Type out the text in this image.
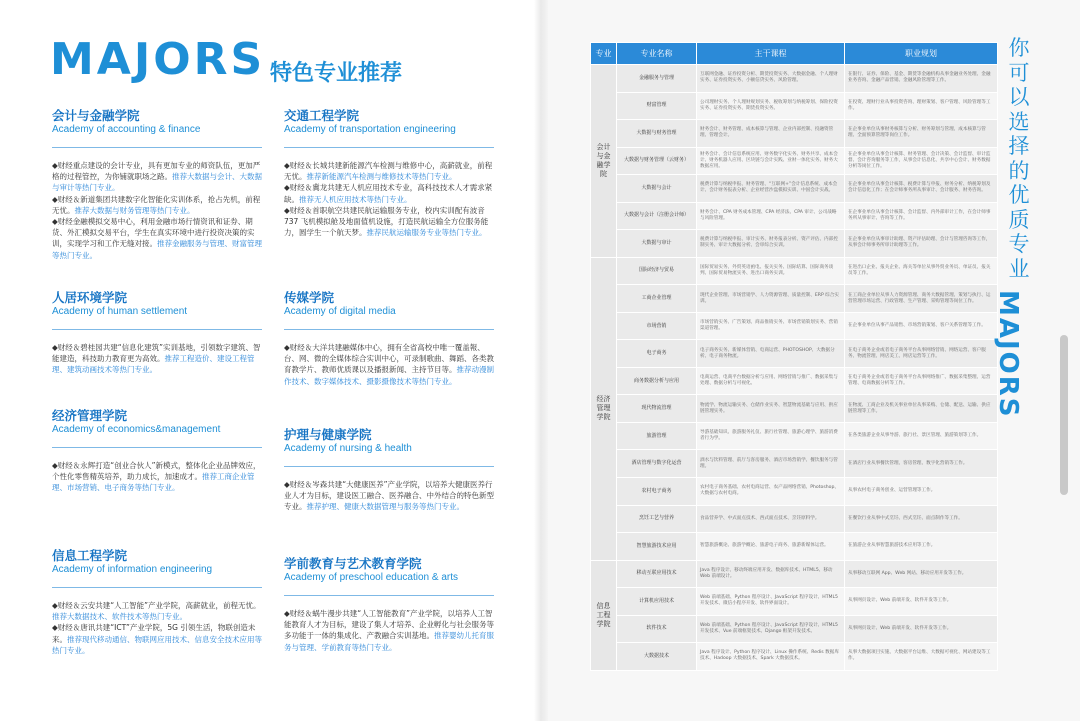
MAJORS 特色专业推荐
专业	专业名称	主干课程	职业规划
会计与金融学院	金融服务与管理	互联网金融、证券投资分析、期货投资实务、大数据金融、个人理财实务、证券投资实务、小额信贷实务、风险管理。	在银行、证券、保险、基金、期货等金融机构从事金融业务处理、金融业务咨询、金融产品营销、金融风险管理等工作。
	财富管理	公司理财实务、个人理财规划实务、税收筹划与纳税筹划、保险投资实务、证券投资实务、期货投资实务。	在投资、理财行业从事投资咨询、理财策划、客户管理、风险管理等工作。
	大数据与财务管理	财务会计、财务管理、成本核算与管理、企业内部控制、投融资管理、管理会计。	在企事业单位从事财务核算与分析、财务筹划与管理、成本核算与管理、全面预算管理等岗位工作。
	大数据与财务管理（云财务）	财务会计、会计信息系统应用、财务数字化实务、财务共享、成本会计、财务机器人应用、区块链与会计实践、业财一体化实务、财务大数据应用。	在企事业单位从事会计核算、财务管理、会计决策、会计监督、审计监督、会计咨询服务等工作，从事会计信息化、共享中心会计、财务数据分析等岗位工作。
	大数据与会计	税费计算与纳税申报、财务管理、“互联网+”会计信息系统、成本会计、会计财务报表分析、企业经营沙盘模拟实训、中国会计实战。	在企事业单位从事会计核算、税费计算与申报、财务分析、纳税筹划及会计信息化工作；在会计师事务所从事审计、会计服务、财务咨询。
	大数据与会计（注册会计师）	财务会计、CPA 财务成本管理、CPA 经济法、CPA 审计、公司战略与风险管理。	在企事业单位从事会计核算、会计监督、内外部审计工作，在会计师事务所从事审计、咨询等工作。
	大数据与审计	税费计算与纳税申报、审计实务、财务报表分析、资产评估、内部控制实务、审计大数据分析、会审综合实训。	在企事业单位从事审计助理、资产评估助理、会计与管理咨询等工作，从事会计师事务所审计助理等工作。
经济管理学院	国际经济与贸易	国际贸易实务、外贸英语函电、报关实务、国际结算、国际商务谈判、国际贸易物流实务、进出口商务实训。	在进出口企业、报关企业、海关等单位从事外贸业务员、单证员、报关员等工作。
	工商企业管理	现代企业管理、市场营销学、人力资源管理、质量控制、ERP 综合实训。	在工商企业单位从事人力资源管理、商务大数据管理、策划与执行、运营管理市场运营、行政管理、生产管理、采购管理等岗位工作。
	市场营销	市场营销实务、广告策划、商品推销实务、市场营销策划实务、营销渠道管理。	在企事业单位从事产品销售、市场营销策划、客户关系管理等工作。
	电子商务	电子商务实务、新媒体营销、电商运营、PHOTOSHOP、大数据分析、电子商务物流。	在电子商务企业或者电子商务平台从事网络营销、网络运营、客户服务、物流管理、网店美工、网店运营等工作。
	商务数据分析与应用	电商运营、电商平台数据分析与应用、网络营销与推广、数据采集与处理、数据分析与可视化。	在电子商务企业或者电子商务平台从事网络推广、数据采集整理、运营管理、电商数据分析等工作。
	现代物流管理	物流学、物流运输实务、仓储作业实务、智慧物流基础与应用、供应链管理实务。	在物流、工商企业及机关事业单位从事采购、仓储、配送、运输、供应链管理等工作。
	旅游管理	导游基础知识、旅游服务礼仪、旅行社管理、旅游心理学、旅游消费者行为学。	在各类旅游企业从事导游、旅行社、景区管理、旅游策划等工作。
	酒店管理与数字化运营	酒水与饮料管理、前厅与客房服务、酒店市场营销学、餐饮服务与管理。	在酒店行业从事餐饮管理、客房管理、数字化营销等工作。
	农村电子商务	农村电子商务基础、农村电商运营、农产品网络营销、Photoshop、大数据与农村电商。	从事农村电子商务创业、运营管理等工作。
	烹饪工艺与营养	食品营养学、中式面点技术、西式面点技术、烹饪原料学。	在餐饮行业从事中式烹饪、西式烹饪、面点制作等工作。
	智慧旅游技术应用	智慧旅游概论、旅游学概论、旅游电子商务、旅游新媒体运营。	在旅游企业从事智慧旅游技术应用等工作。
信息工程学院	移动互联应用技术	Java 程序设计、移动终端应用开发、数据库技术、HTML5、移动 Web 前端设计。	从事移动互联网 App、Web 网站、移动应用开发等工作。
	计算机应用技术	Web 前端基础、Python 程序设计、JavaScript 程序设计、HTML5 开发技术、微信小程序开发、软件界面设计。	从事网页设计、Web 前端开发、软件开发等工作。
	软件技术	Web 前端基础、Python 程序设计、JavaScript 程序设计、HTML5 开发技术、Vue 前端框架技术、Django 框架开发技术。	从事网页设计、Web 前端开发、软件开发等工作。
	大数据技术	Java 程序设计、Python 程序设计、Linux 操作系统、Redis 数据库技术、Hadoop 大数据技术、Spark 大数据技术。	从事大数据项目实施、大数据平台运维、大数据可视化、网站建设等工作。
你可以选择的优质专业
MAJORS
会计与金融学院
Academy of accounting & finance

◆财经重点建设的会计专业，具有更加专业的师资队伍，更加严格的过程管控，为你铺就职场之路。推荐大数据与会计、大数据与审计等热门专业。

◆财经＆新道集团共建数字化智能化实训体系，抢占先机，前程无忧。推荐大数据与财务管理等热门专业。

◆财经金融模拟交易中心，利用金融市场行情资讯和证券、期货、外汇模拟交易平台，学生在真实环境中进行投资决策的实训，实现学习和工作无缝对接。推荐金融服务与管理、财富管理等热门专业。

交通工程学院
Academy of transportation engineering

◆财经＆长城共建新能源汽车检测与维修中心，高薪就业，前程无忧。推荐新能源汽车检测与维修技术等热门专业。

◆财经＆冀龙共建无人机应用技术专业，高科技技术人才需求紧缺。推荐无人机应用技术等热门专业。

◆财经＆首职航空共建民航运输服务专业，校内实训配有波音 737 飞机模拟舱及地面值机设施，打造民航运输全方位服务能力，圆学生一个航天梦。推荐民航运输服务专业等热门专业。

人居环境学院
Academy of human settlement

◆财经＆碧桂园共建“信息化建筑”实训基地，引领数字建筑、智能建造，科技助力教育更为高效。推荐工程造价、建设工程管理、建筑动画技术等热门专业。

传媒学院
Academy of digital media

◆财经＆大洋共建融媒体中心，拥有全省高校中唯一覆盖報、台、网、微的全媒体综合实训中心，可录制歌曲、舞蹈、各类教育教学片、教师优质课以及播报新闻、主持节目等。推荐动漫制作技术、数字媒体技术、摄影摄像技术等热门专业。

经济管理学院
Academy of economics&management

◆财经＆永辉打造“创业合伙人”新模式，整体化企业品牌效应，个性化零售精英培养，助力成长，加速成才。推荐工商企业管理、市场营销、电子商务等热门专业。

护理与健康学院
Academy of nursing & health

◆财经＆岑森共建“大健康医养”产业学院，以培养大健康医养行业人才为目标，建设医工融合、医养融合、中外结合的特色新型专业。推荐护理、健康大数据管理与服务等热门专业。

信息工程学院
Academy of information engineering

◆财经＆云安共建“人工智能”产业学院，高薪就业，前程无忧。推荐大数据技术、软件技术等热门专业。

◆财经＆唐讯共建“ICT”产业学院，5G 引领生活，物联创造未来。推荐现代移动通信、物联网应用技术、信息安全技术应用等热门专业。

学前教育与艺术教育学院
Academy of preschool education & arts

◆财经＆蜗牛漫步共建“人工智能教育”产业学院，以培养人工智能教育人才为目标，建设了集人才培养、企业孵化与社会服务等多功能于一体的集成化、产教融合实训基地。推荐婴幼儿托育服务与管理、学前教育等热门专业。
